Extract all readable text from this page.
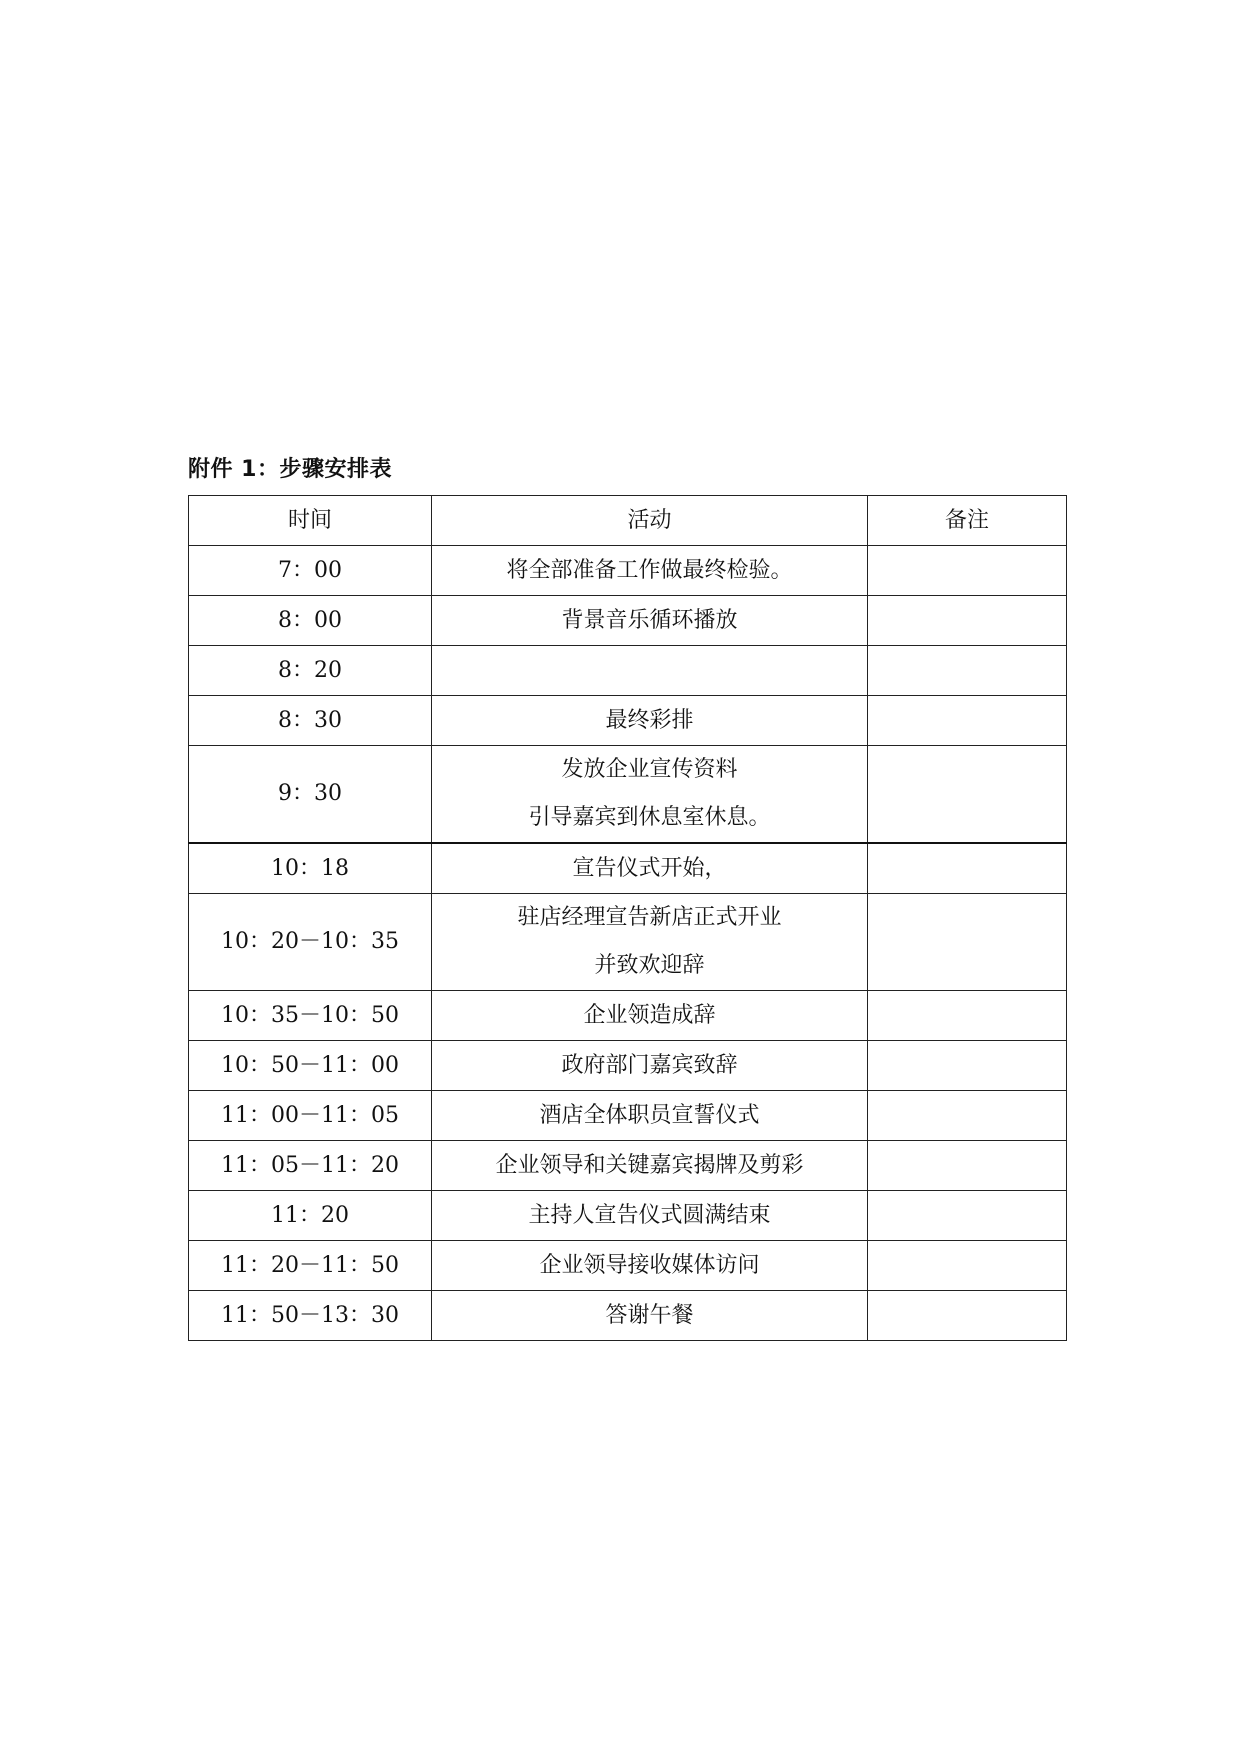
附件 1：步骤安排表
时间	活动	备注
7：00	将全部准备工作做最终检验。	

8：00	背景音乐循环播放	

8：20	

8：30	最终彩排	

9：30	发放企业宣传资料
引导嘉宾到休息室休息。	

10：18	宣告仪式开始，	

10：20－10：35	驻店经理宣告新店正式开业
并致欢迎辞	

10：35－10：50	企业领造成辞	

10：50－11：00	政府部门嘉宾致辞	

11：00－11：05	酒店全体职员宣誓仪式	

11：05－11：20	企业领导和关键嘉宾揭牌及剪彩	

11：20	主持人宣告仪式圆满结束	

11：20－11：50	企业领导接收媒体访问	

11：50－13：30	答谢午餐	
